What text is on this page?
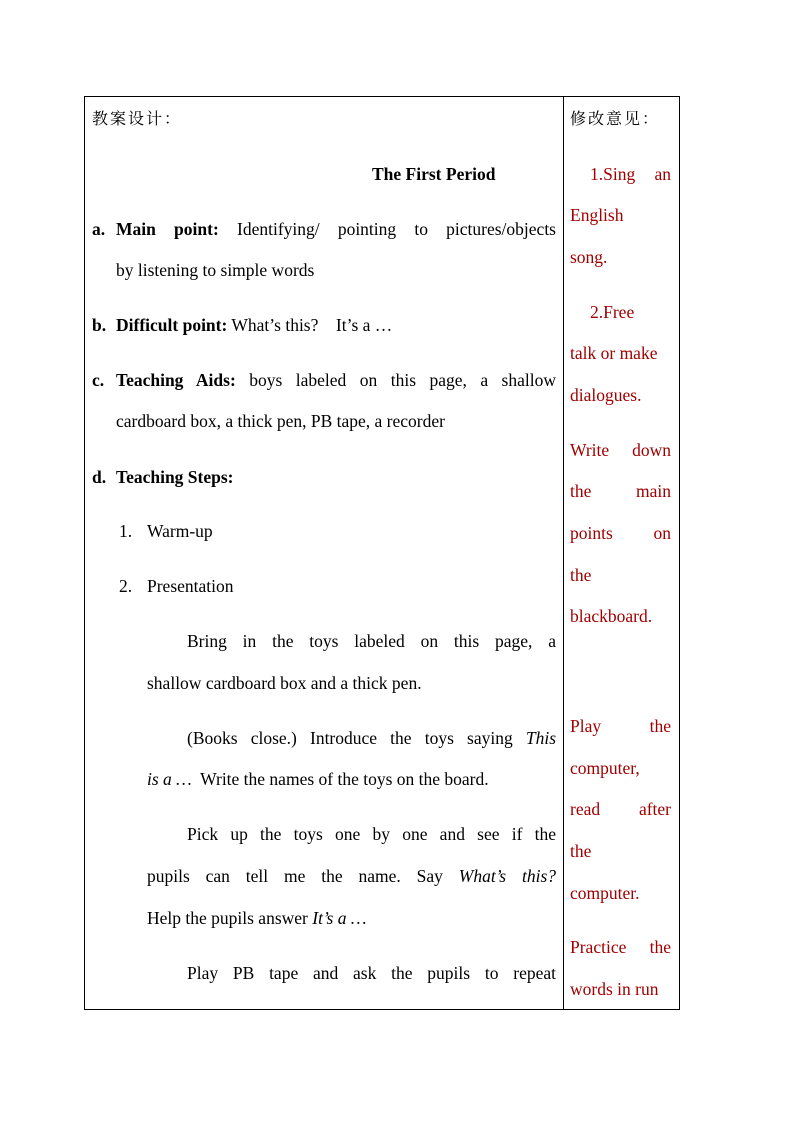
教案设计：
The First Period
a. Main point: Identifying/ pointing to pictures/objects
by listening to simple words
b. Difficult point: What’s this?    It’s a …
c. Teaching Aids: boys labeled on this page, a shallow
cardboard box, a thick pen, PB tape, a recorder
d. Teaching Steps:
1. Warm-up
2. Presentation
Bring in the toys labeled on this page, a
shallow cardboard box and a thick pen.
(Books close.) Introduce the toys saying This
is a … Write the names of the toys on the board.
Pick up the toys one by one and see if the
pupils can tell me the name. Say What’s this?
Help the pupils answer It’s a …
Play PB tape and ask the pupils to repeat
修改意见：
1.Sing an
English
song.
2.Free
talk or make
dialogues.
Write down
the main
points on
the
blackboard.
Play the
computer,
read after
the
computer.
Practice the
words in run
